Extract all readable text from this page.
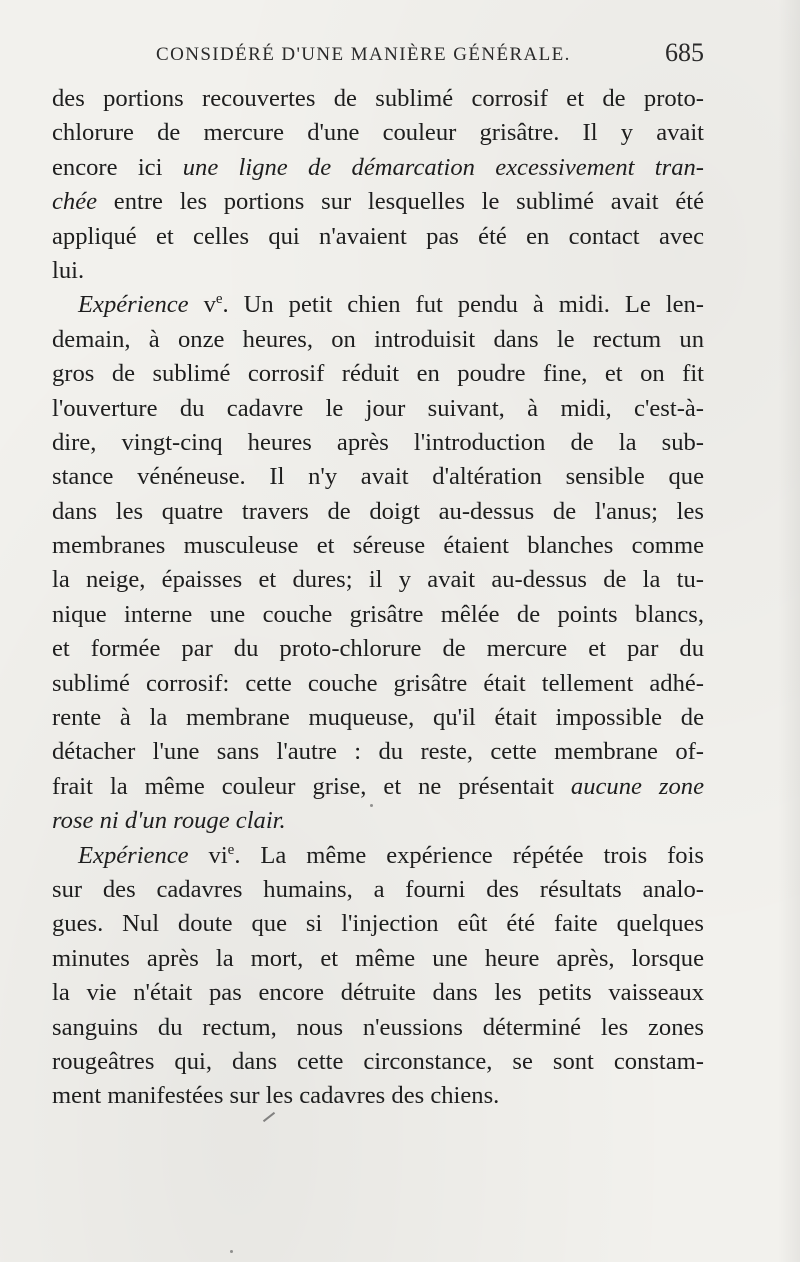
CONSIDÉRÉ D'UNE MANIÈRE GÉNÉRALE.	685
des portions recouvertes de sublimé corrosif et de proto-
chlorure de mercure d'une couleur grisâtre. Il y avait
encore ici une ligne de démarcation excessivement tran-
chée entre les portions sur lesquelles le sublimé avait été
appliqué et celles qui n'avaient pas été en contact avec
lui.
Expérience $v^e$. Un petit chien fut pendu à midi. Le len-
demain, à onze heures, on introduisit dans le rectum un
gros de sublimé corrosif réduit en poudre fine, et on fit
l'ouverture du cadavre le jour suivant, à midi, c'est-à-
dire, vingt-cinq heures après l'introduction de la sub-
stance vénéneuse. Il n'y avait d'altération sensible que
dans les quatre travers de doigt au-dessus de l'anus; les
membranes musculeuse et séreuse étaient blanches comme
la neige, épaisses et dures; il y avait au-dessus de la tu-
nique interne une couche grisâtre mêlée de points blancs,
et formée par du proto-chlorure de mercure et par du
sublimé corrosif: cette couche grisâtre était tellement adhé-
rente à la membrane muqueuse, qu'il était impossible de
détacher l'une sans l'autre : du reste, cette membrane of-
frait la même couleur grise, et ne présentait aucune zone
rose ni d'un rouge clair.
Expérience $vi^e$. La même expérience répétée trois fois
sur des cadavres humains, a fourni des résultats analo-
gues. Nul doute que si l'injection eût été faite quelques
minutes après la mort, et même une heure après, lorsque
la vie n'était pas encore détruite dans les petits vaisseaux
sanguins du rectum, nous n'eussions déterminé les zones
rougeâtres qui, dans cette circonstance, se sont constam-
ment manifestées sur les cadavres des chiens.
